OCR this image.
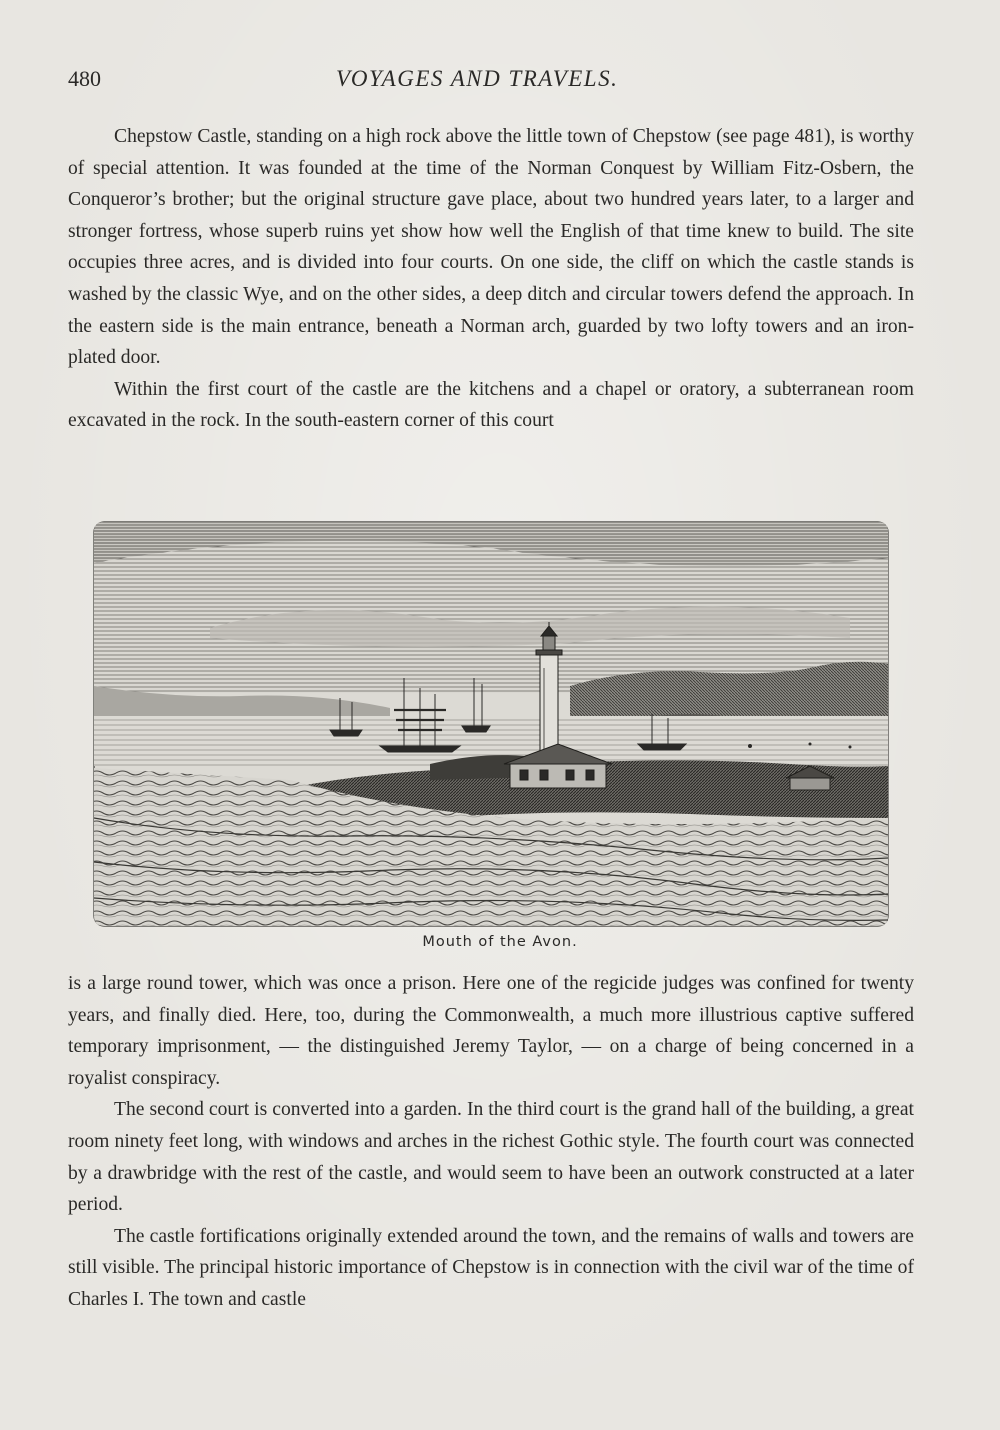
480	VOYAGES AND TRAVELS.

Chepstow Castle, standing on a high rock above the little town of Chepstow (see page 481), is worthy of special attention. It was founded at the time of the Norman Conquest by William Fitz-Osbern, the Conqueror’s brother; but the original structure gave place, about two hundred years later, to a larger and stronger fortress, whose superb ruins yet show how well the English of that time knew to build. The site occupies three acres, and is divided into four courts. On one side, the cliff on which the castle stands is washed by the classic Wye, and on the other sides, a deep ditch and circular towers defend the approach. In the eastern side is the main entrance, beneath a Norman arch, guarded by two lofty towers and an iron-plated door.

Within the first court of the castle are the kitchens and a chapel or oratory, a subterranean room excavated in the rock. In the south-eastern corner of this court

Mouth of the Avon.

is a large round tower, which was once a prison. Here one of the regicide judges was confined for twenty years, and finally died. Here, too, during the Commonwealth, a much more illustrious captive suffered temporary imprisonment, — the distinguished Jeremy Taylor, — on a charge of being concerned in a royalist conspiracy.

The second court is converted into a garden. In the third court is the grand hall of the building, a great room ninety feet long, with windows and arches in the richest Gothic style. The fourth court was connected by a drawbridge with the rest of the castle, and would seem to have been an outwork constructed at a later period.

The castle fortifications originally extended around the town, and the remains of walls and towers are still visible. The principal historic importance of Chepstow is in connection with the civil war of the time of Charles I. The town and castle
